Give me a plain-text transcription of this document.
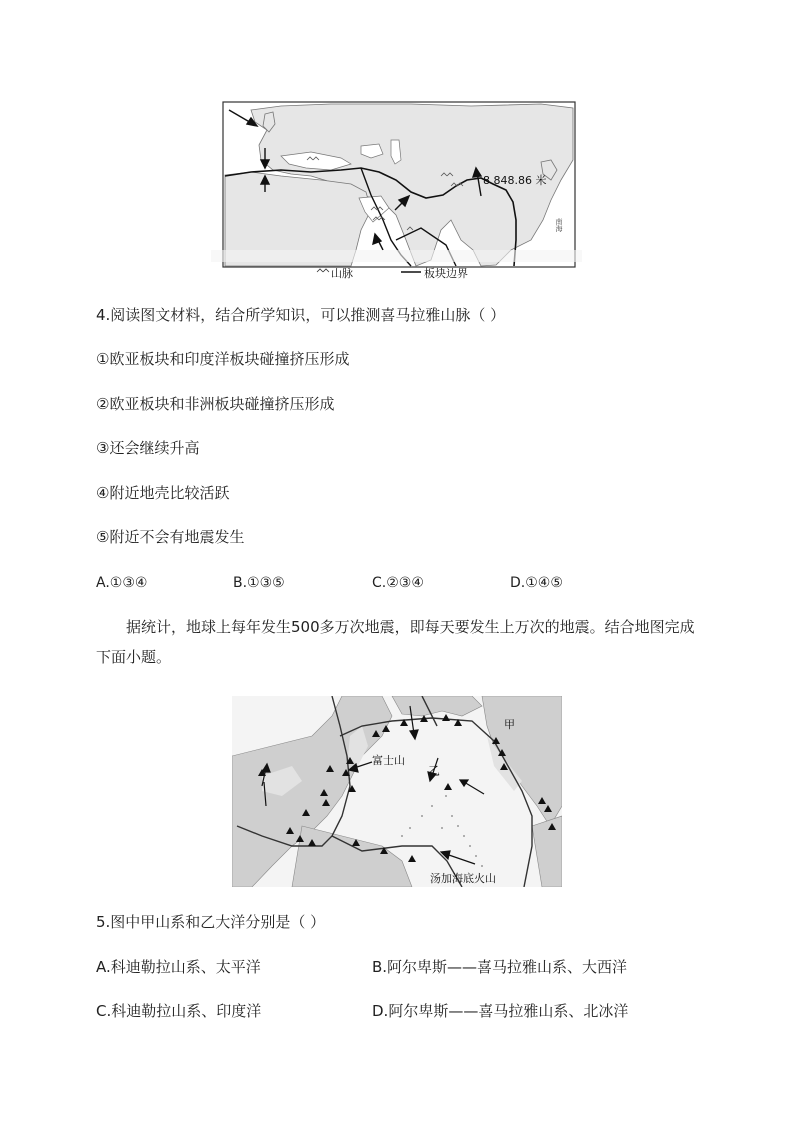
8 848.86 米
南海
山脉	板块边界
4.阅读图文材料，结合所学知识，可以推测喜马拉雅山脉（ ）
①欧亚板块和印度洋板块碰撞挤压形成
②欧亚板块和非洲板块碰撞挤压形成
③还会继续升高
④附近地壳比较活跃
⑤附近不会有地震发生
A.①③④	B.①③⑤	C.②③④	D.①④⑤
据统计，地球上每年发生500多万次地震，即每天要发生上万次的地震。结合地图完成下面小题。
甲
富士山
乙
汤加海底火山
5.图中甲山系和乙大洋分别是（ ）
A.科迪勒拉山系、太平洋	B.阿尔卑斯——喜马拉雅山系、大西洋
C.科迪勒拉山系、印度洋	D.阿尔卑斯——喜马拉雅山系、北冰洋
